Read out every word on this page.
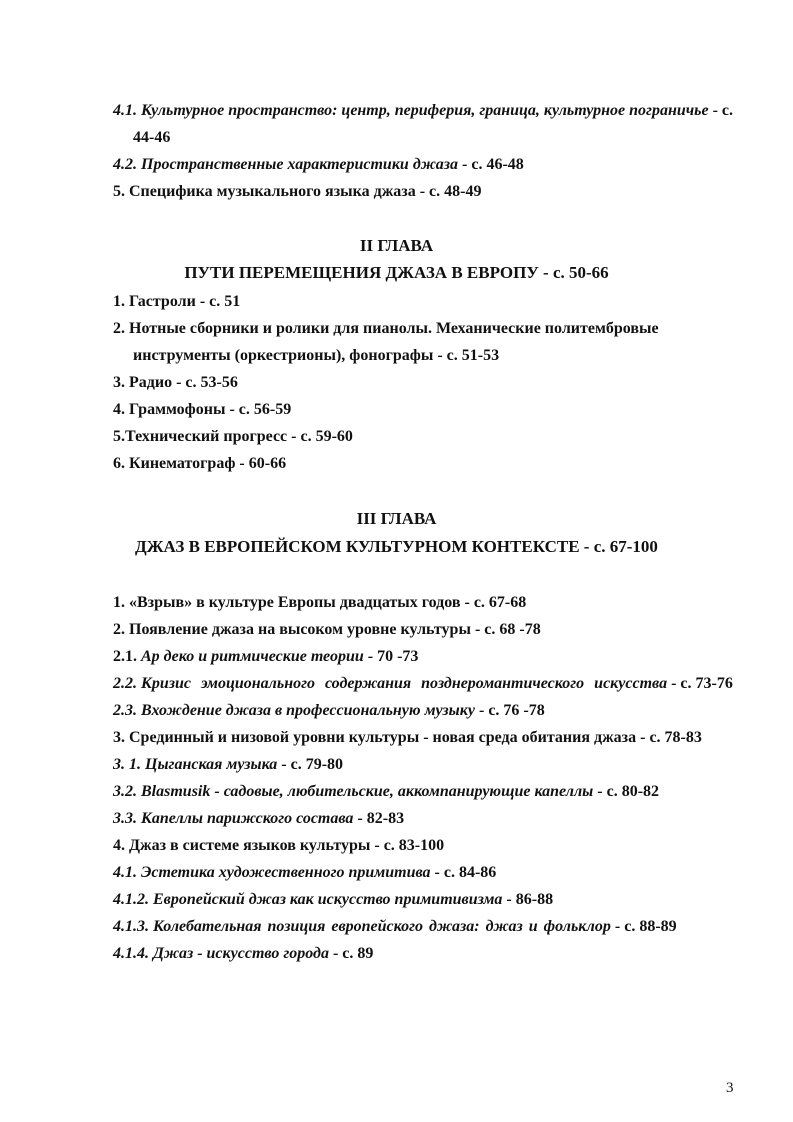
4.1. Культурное пространство: центр, периферия, граница, культурное пограничье - с. 44-46
4.2. Пространственные характеристики джаза - с. 46-48
5. Специфика музыкального языка джаза - с. 48-49
II ГЛАВА
ПУТИ ПЕРЕМЕЩЕНИЯ ДЖАЗА В ЕВРОПУ - с. 50-66
1. Гастроли - с. 51
2. Нотные сборники и ролики для пианолы. Механические политембровые инструменты (оркестрионы), фонографы - с. 51-53
3. Радио - с. 53-56
4. Граммофоны - с. 56-59
5.Технический прогресс - с. 59-60
6. Кинематограф - 60-66
III ГЛАВА
ДЖАЗ В ЕВРОПЕЙСКОМ КУЛЬТУРНОМ КОНТЕКСТЕ - с. 67-100
1. «Взрыв» в культуре Европы двадцатых годов - с. 67-68
2. Появление джаза на высоком уровне культуры - с. 68 -78
2.1. Ар деко и ритмические теории - 70 -73
2.2. Кризис эмоционального содержания позднеромантического искусства - с. 73-76
2.3. Вхождение джаза в профессиональную музыку - с. 76 -78
3. Срединный и низовой уровни культуры - новая среда обитания джаза - с. 78-83
3. 1. Цыганская музыка - с. 79-80
3.2. Blasmusik - садовые, любительские, аккомпанирующие капеллы - с. 80-82
3.3. Капеллы парижского состава - 82-83
4. Джаз в системе языков культуры - с. 83-100
4.1. Эстетика художественного примитива - с. 84-86
4.1.2. Европейский джаз как искусство примитивизма - 86-88
4.1.3. Колебательная позиция европейского джаза: джаз и фольклор - с. 88-89
4.1.4. Джаз - искусство города - с. 89
3
